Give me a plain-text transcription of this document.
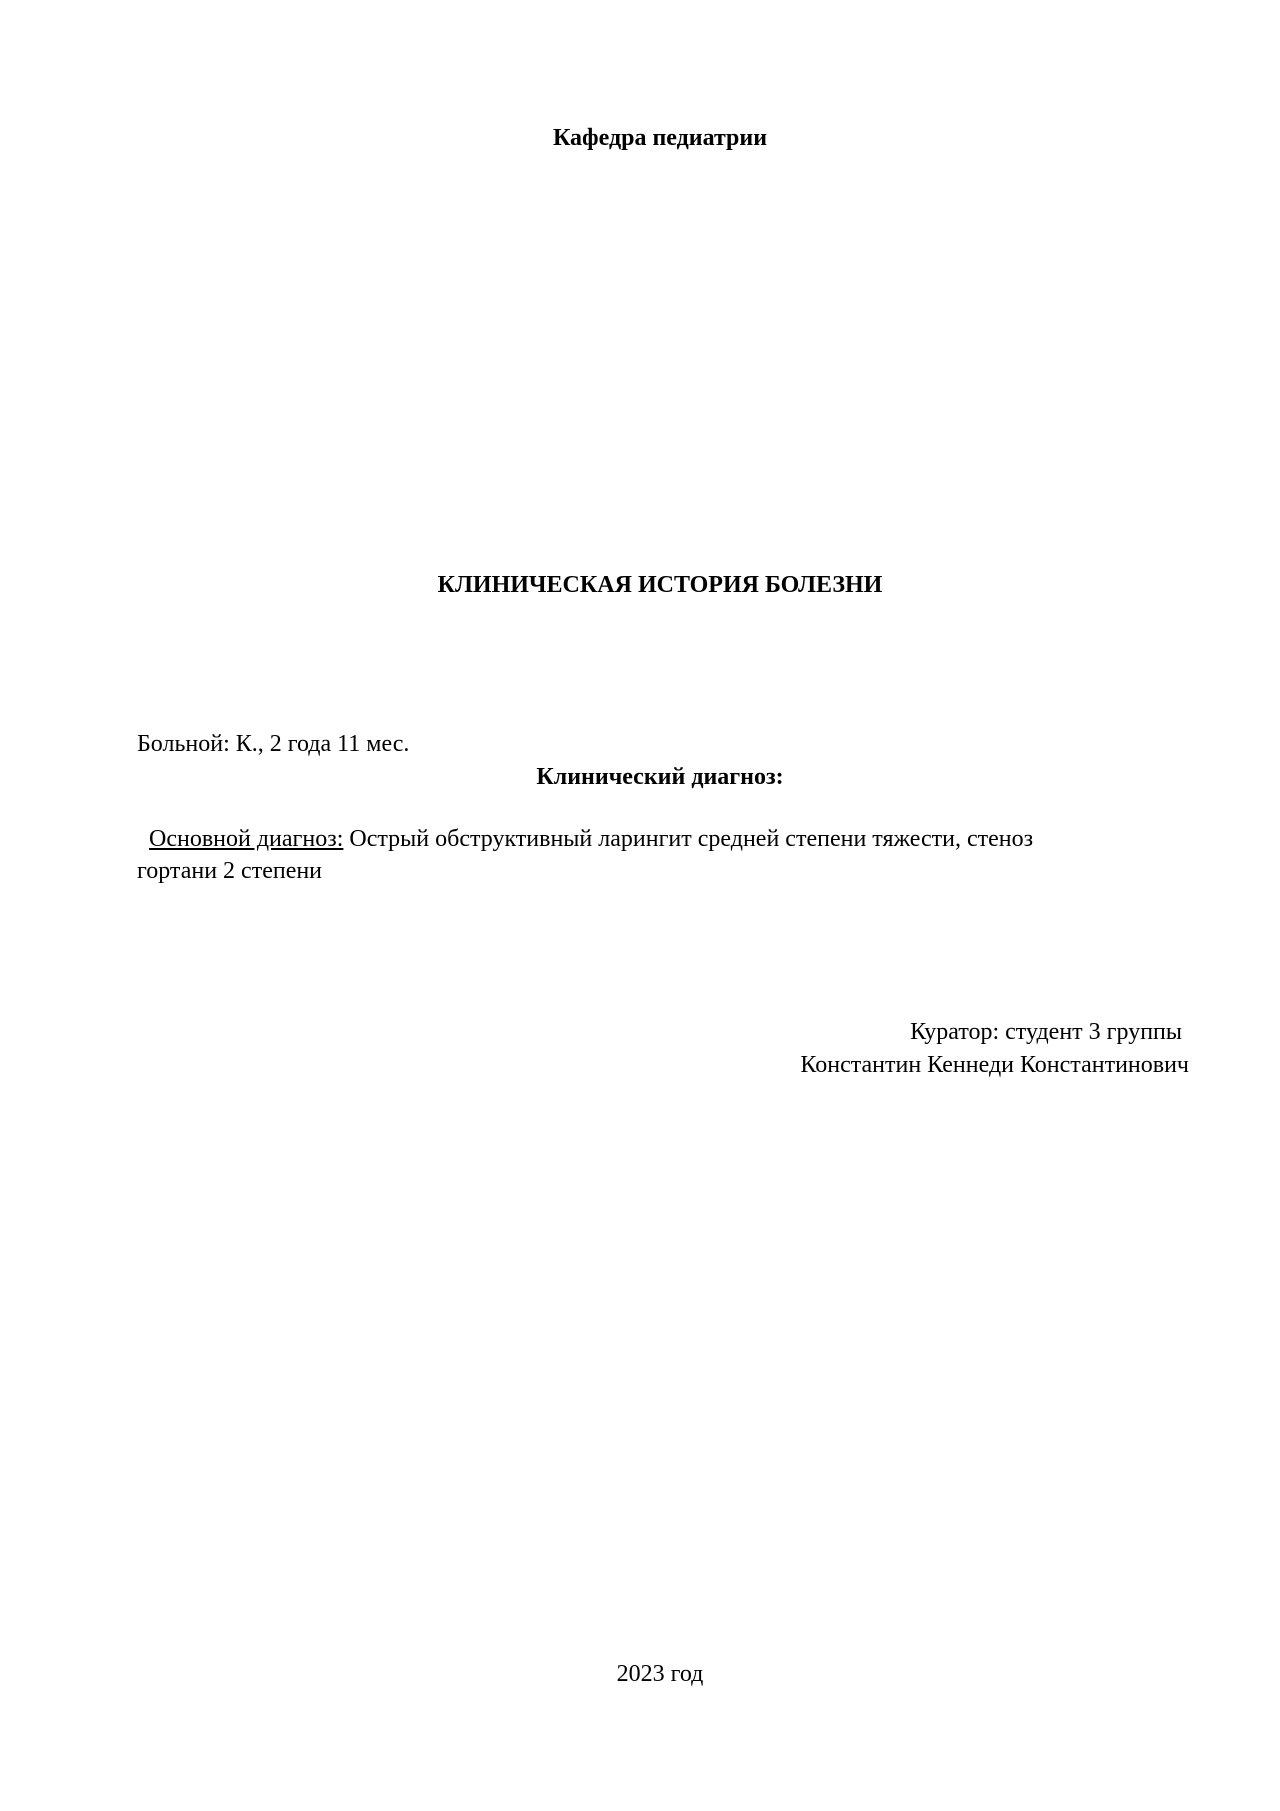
Кафедра педиатрии
КЛИНИЧЕСКАЯ ИСТОРИЯ БОЛЕЗНИ
Больной: К., 2 года 11 мес.
Клинический диагноз:
Основной диагноз: Острый обструктивный ларингит средней степени тяжести, стеноз
гортани 2 степени
Куратор: студент 3 группы
Константин Кеннеди Константинович
2023 год
